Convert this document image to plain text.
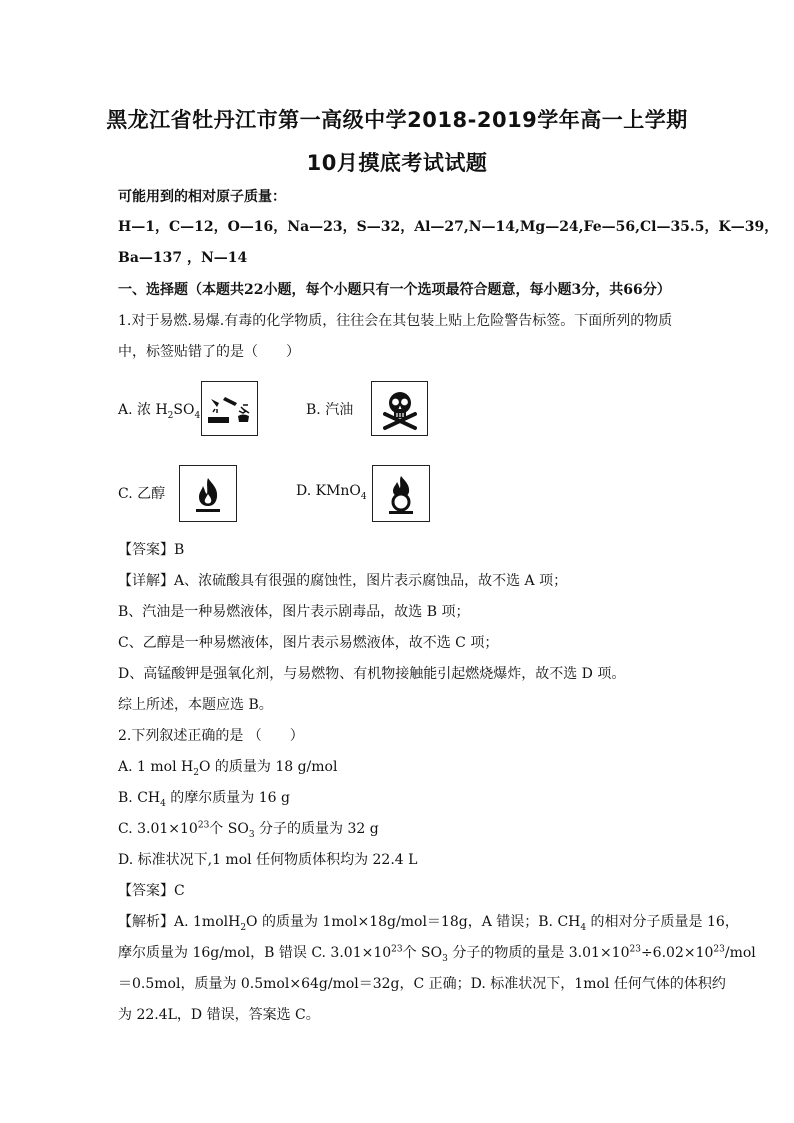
黑龙江省牡丹江市第一高级中学2018-2019学年高一上学期
10月摸底考试试题
可能用到的相对原子质量：
H—1，C—12，O—16，Na—23，S—32，Al—27,N—14,Mg—24,Fe—56,Cl—35.5，K—39，
Ba—137 ，N—14
一、选择题（本题共22小题，每个小题只有一个选项最符合题意，每小题3分，共66分）
1.对于易燃.易爆.有毒的化学物质，往往会在其包装上贴上危险警告标签。下面所列的物质
中，标签贴错了的是（　　）
A. 浓 $H_2SO_4$	B. 汽油
C. 乙醇	D. KMnO$_4$
【答案】B
【详解】A、浓硫酸具有很强的腐蚀性，图片表示腐蚀品，故不选 A 项；
B、汽油是一种易燃液体，图片表示剧毒品，故选 B 项；
C、乙醇是一种易燃液体，图片表示易燃液体，故不选 C 项；
D、高锰酸钾是强氧化剂，与易燃物、有机物接触能引起燃烧爆炸，故不选 D 项。
综上所述，本题应选 B。
2.下列叙述正确的是 （　　）
A. 1 mol $H_2O$ 的质量为 18 g/mol
B. $CH_4$ 的摩尔质量为 16 g
C. $3.01\times 10^{23}$个 $SO_3$ 分子的质量为 32 g
D. 标准状况下,1 mol 任何物质体积均为 22.4 L
【答案】C
【解析】A. 1molH$_2$O 的质量为 1mol×18g/mol＝18g，A 错误；B. $CH_4$ 的相对分子质量是 16，
摩尔质量为 16g/mol，B 错误 C. $3.01\times 10^{23}$个 $SO_3$ 分子的物质的量是 $3.01\times 10^{23}\div 6.02\times 10^{23}$/mol
＝0.5mol，质量为 0.5mol×64g/mol＝32g，C 正确；D. 标准状况下，1mol 任何气体的体积约
为 22.4L，D 错误，答案选 C。
